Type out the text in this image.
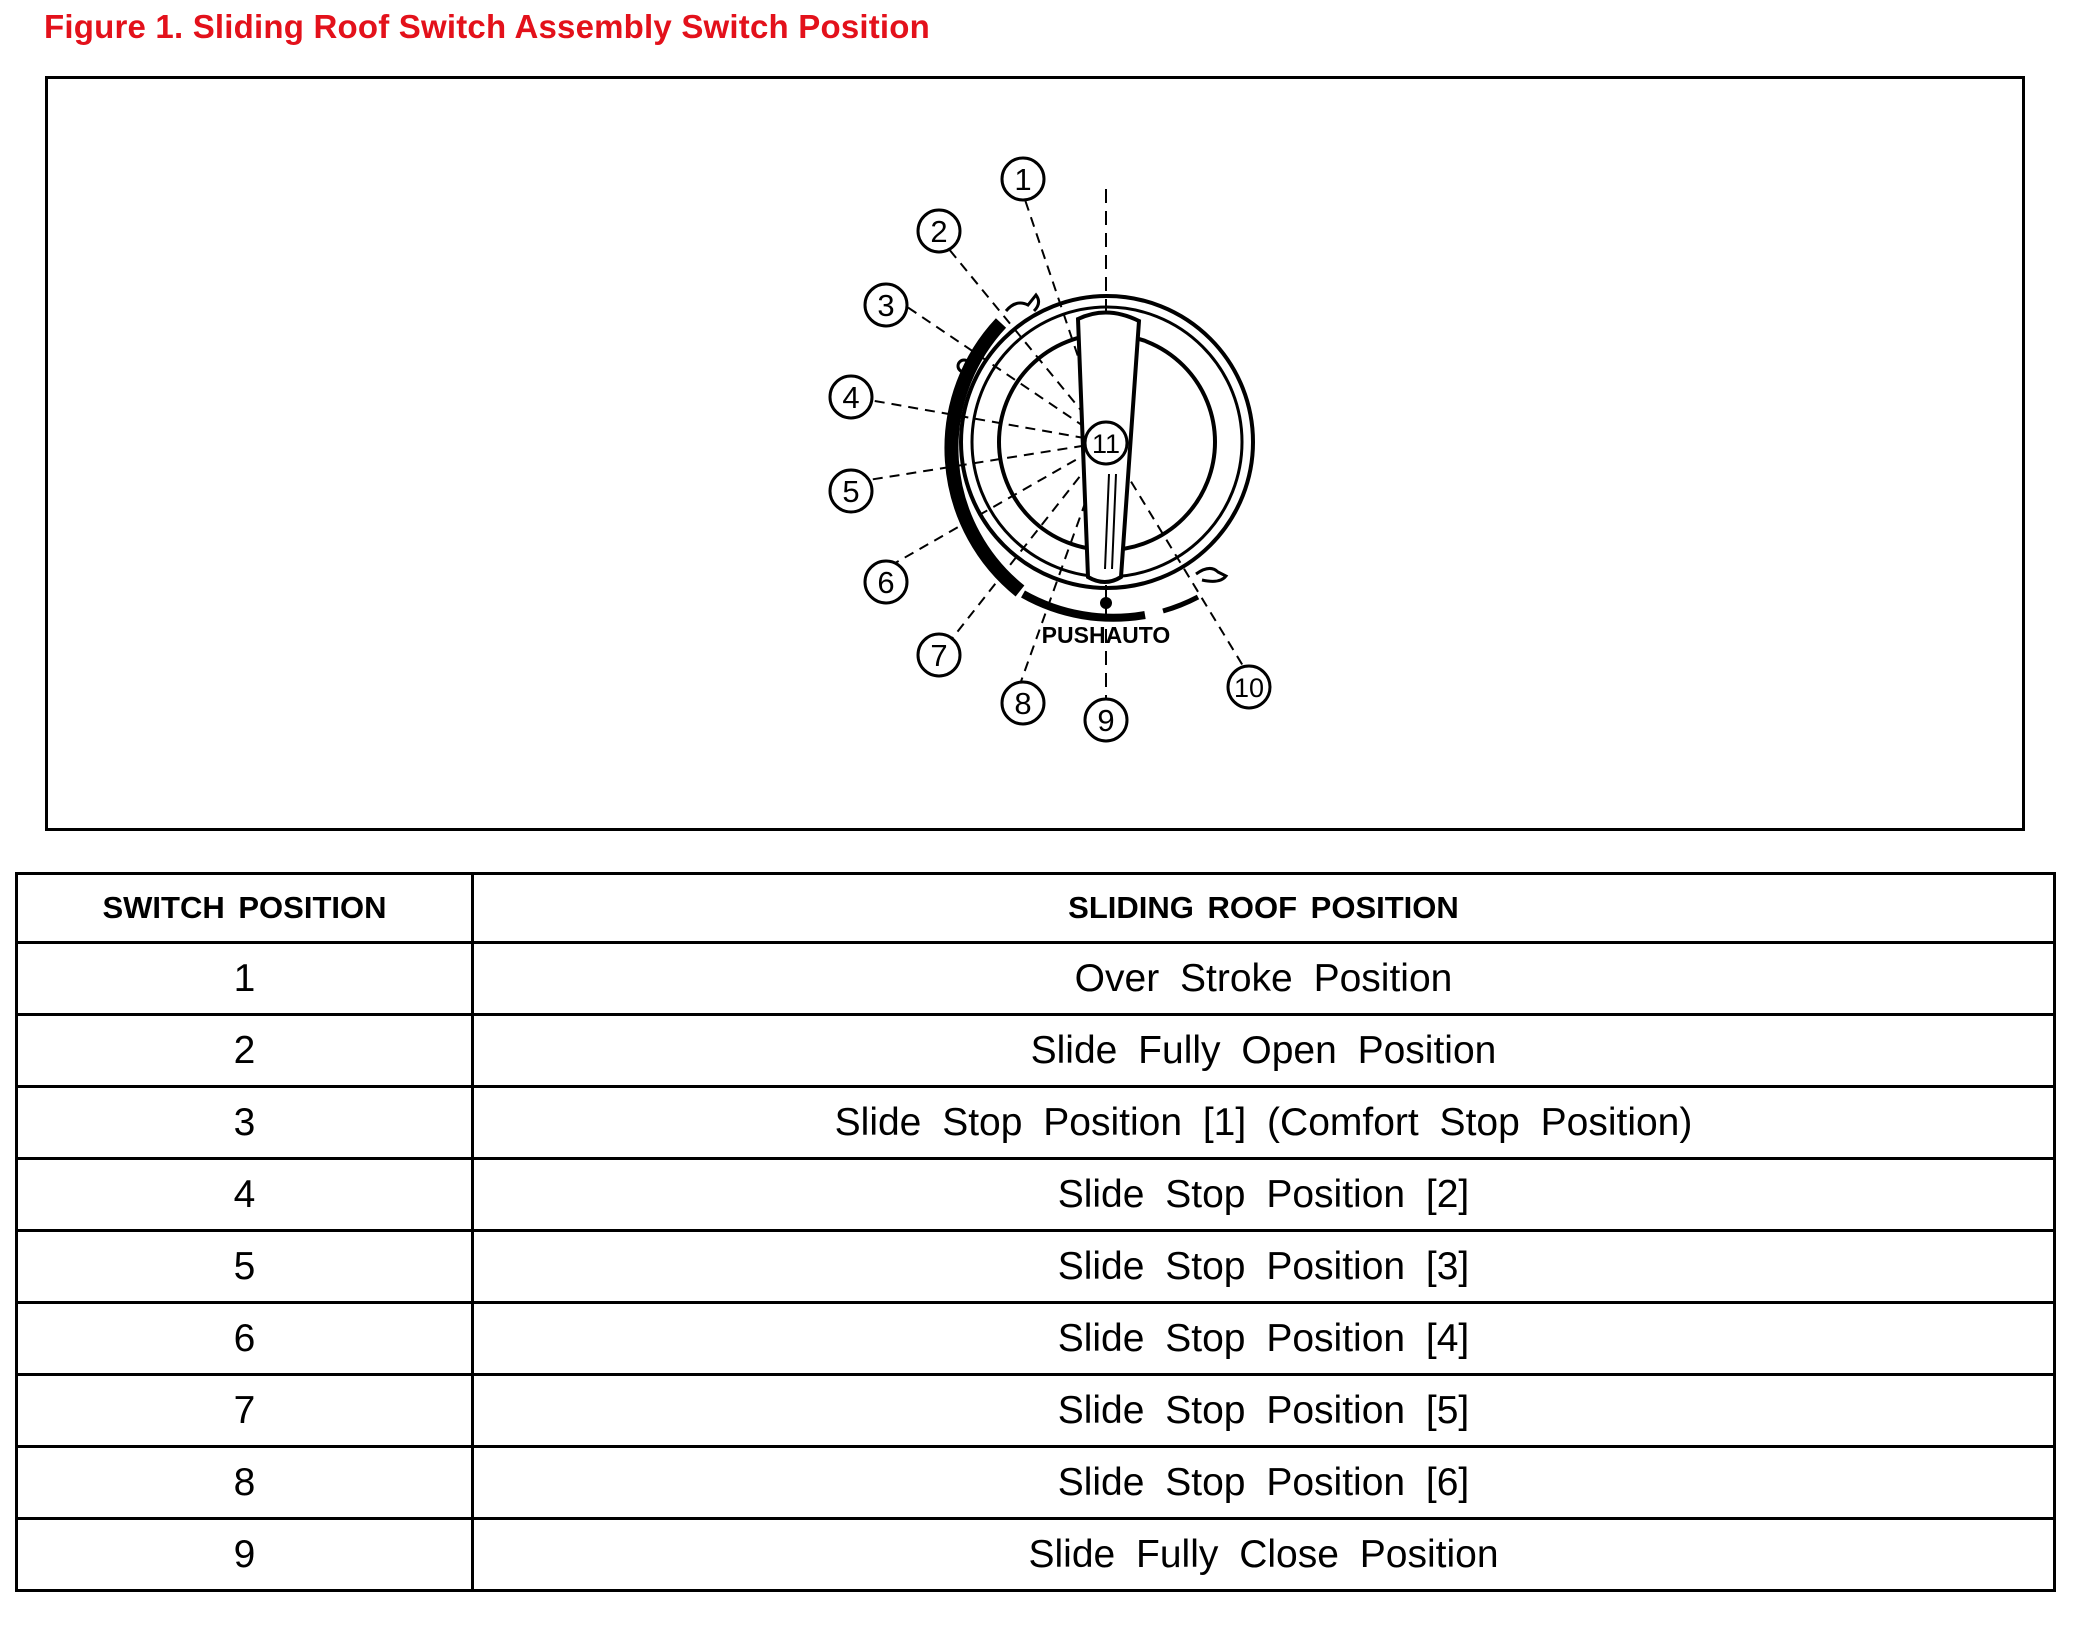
Figure 1. Sliding Roof Switch Assembly Switch Position
PUSHAUTO
1
2
3
4
5
6
7
8 9
10
11
SWITCH POSITION	SLIDING ROOF POSITION
1	Over Stroke Position
2	Slide Fully Open Position
3	Slide Stop Position [1] (Comfort Stop Position)
4	Slide Stop Position [2]
5	Slide Stop Position [3]
6	Slide Stop Position [4]
7	Slide Stop Position [5]
8	Slide Stop Position [6]
9	Slide Fully Close Position
